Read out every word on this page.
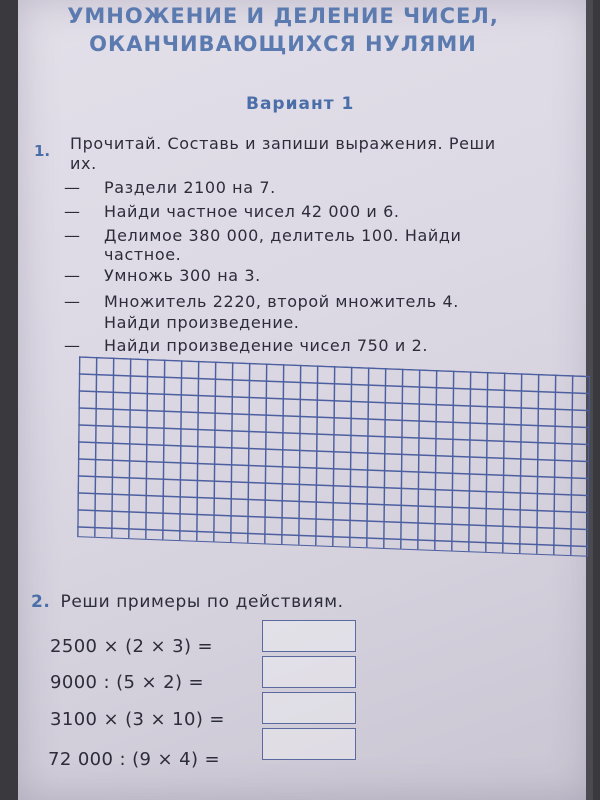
УМНОЖЕНИЕ И ДЕЛЕНИЕ ЧИСЕЛ,
ОКАНЧИВАЮЩИХСЯ НУЛЯМИ
Вариант 1
1. Прочитай. Составь и запиши выражения. Реши
их.
— Раздели 2100 на 7.
— Найди частное чисел 42 000 и 6.
— Делимое 380 000, делитель 100. Найди
частное.
— Умножь 300 на 3.
— Множитель 2220, второй множитель 4.
Найди произведение.
— Найди произведение чисел 750 и 2.
2. Реши примеры по действиям.
2500 × (2 × 3) =
9000 : (5 × 2) =
3100 × (3 × 10) =
72 000 : (9 × 4) =
